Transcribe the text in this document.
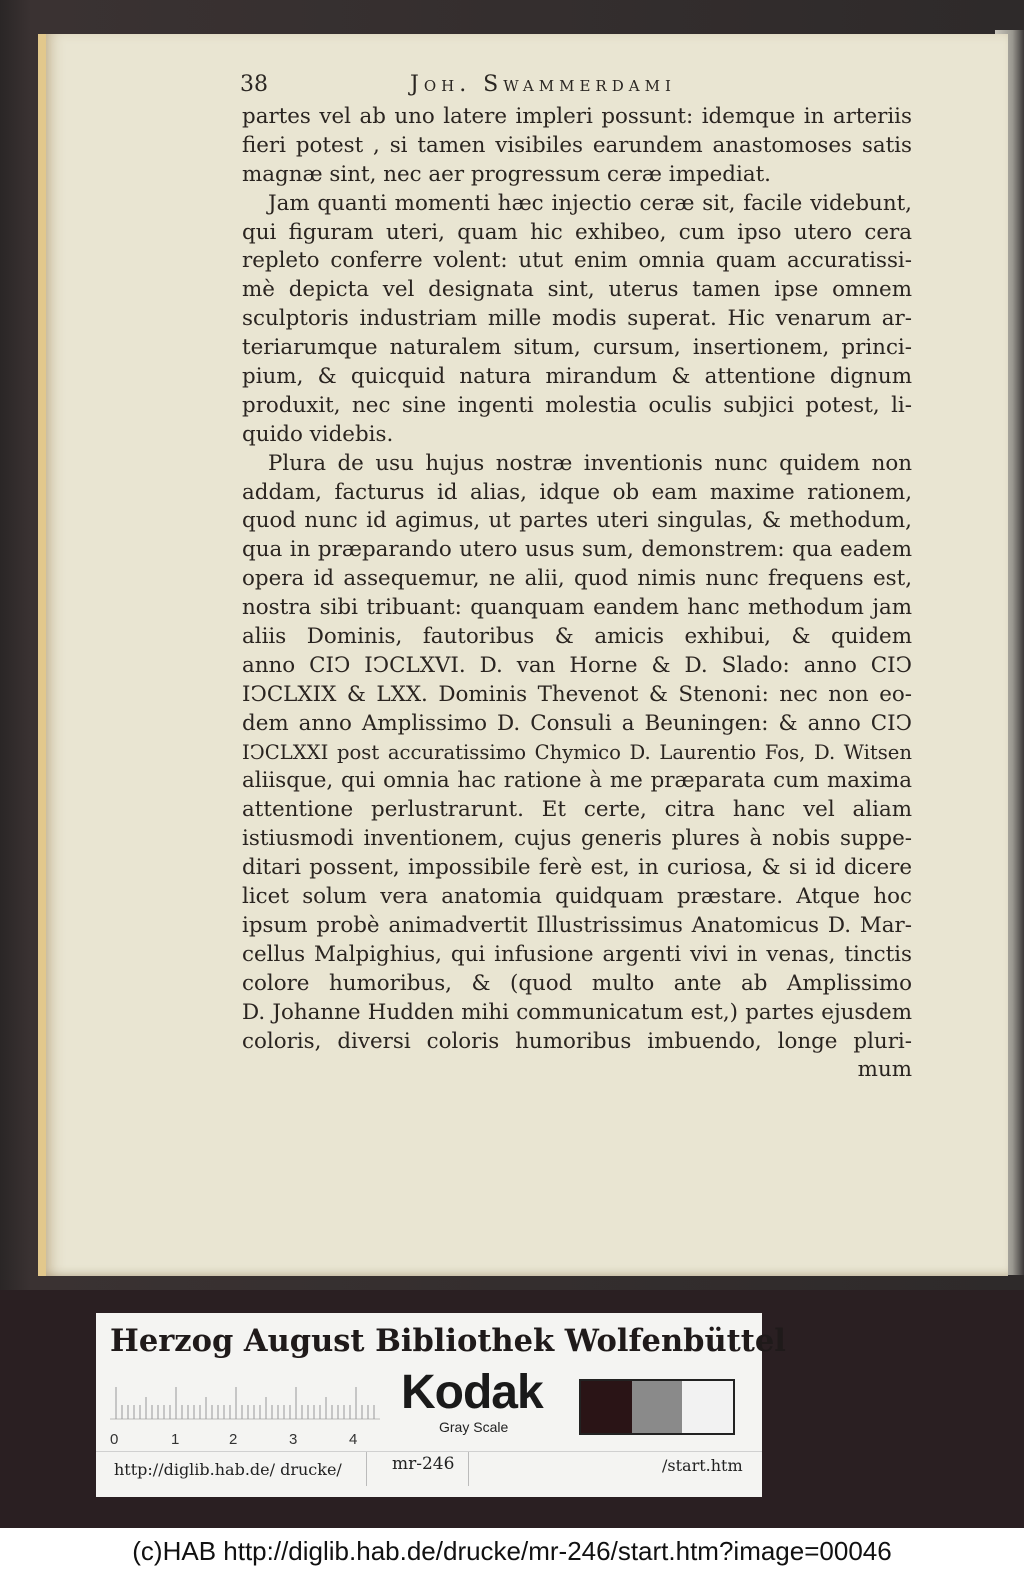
38	Joh. Swammerdami
partes vel ab uno latere impleri possunt: idemque in arteriis
fieri potest , si tamen visibiles earundem anastomoses satis
magnæ sint, nec aer progressum ceræ impediat.
Jam quanti momenti hæc injectio ceræ sit, facile videbunt,
qui figuram uteri, quam hic exhibeo, cum ipso utero cera
repleto conferre volent: utut enim omnia quam accuratissi-
mè depicta vel designata sint, uterus tamen ipse omnem
sculptoris industriam mille modis superat. Hic venarum ar-
teriarumque naturalem situm, cursum, insertionem, princi-
pium, & quicquid natura mirandum & attentione dignum
produxit, nec sine ingenti molestia oculis subjici potest, li-
quido videbis.
Plura de usu hujus nostræ inventionis nunc quidem non
addam, facturus id alias, idque ob eam maxime rationem,
quod nunc id agimus, ut partes uteri singulas, & methodum,
qua in præparando utero usus sum, demonstrem: qua eadem
opera id assequemur, ne alii, quod nimis nunc frequens est,
nostra sibi tribuant: quanquam eandem hanc methodum jam
aliis Dominis, fautoribus & amicis exhibui, & quidem
anno CIↃ IↃCLXVI. D. van Horne & D. Slado: anno CIↃ
IↃCLXIX & LXX. Dominis Thevenot & Stenoni: nec non eo-
dem anno Amplissimo D. Consuli a Beuningen: & anno CIↃ
IↃCLXXI post accuratissimo Chymico D. Laurentio Fos, D. Witsen
aliisque, qui omnia hac ratione à me præparata cum maxima
attentione perlustrarunt. Et certe, citra hanc vel aliam
istiusmodi inventionem, cujus generis plures à nobis suppe-
ditari possent, impossibile ferè est, in curiosa, & si id dicere
licet solum vera anatomia quidquam præstare. Atque hoc
ipsum probè animadvertit Illustrissimus Anatomicus D. Mar-
cellus Malpighius, qui infusione argenti vivi in venas, tinctis
colore humoribus, & (quod multo ante ab Amplissimo
D. Johanne Hudden mihi communicatum est,) partes ejusdem
coloris, diversi coloris humoribus imbuendo, longe pluri-
mum
Herzog August Bibliothek Wolfenbüttel
0	1	2	3	4
Kodak
Gray Scale
http://diglib.hab.de/ drucke/	mr-246	/start.htm
(c)HAB http://diglib.hab.de/drucke/mr-246/start.htm?image=00046
